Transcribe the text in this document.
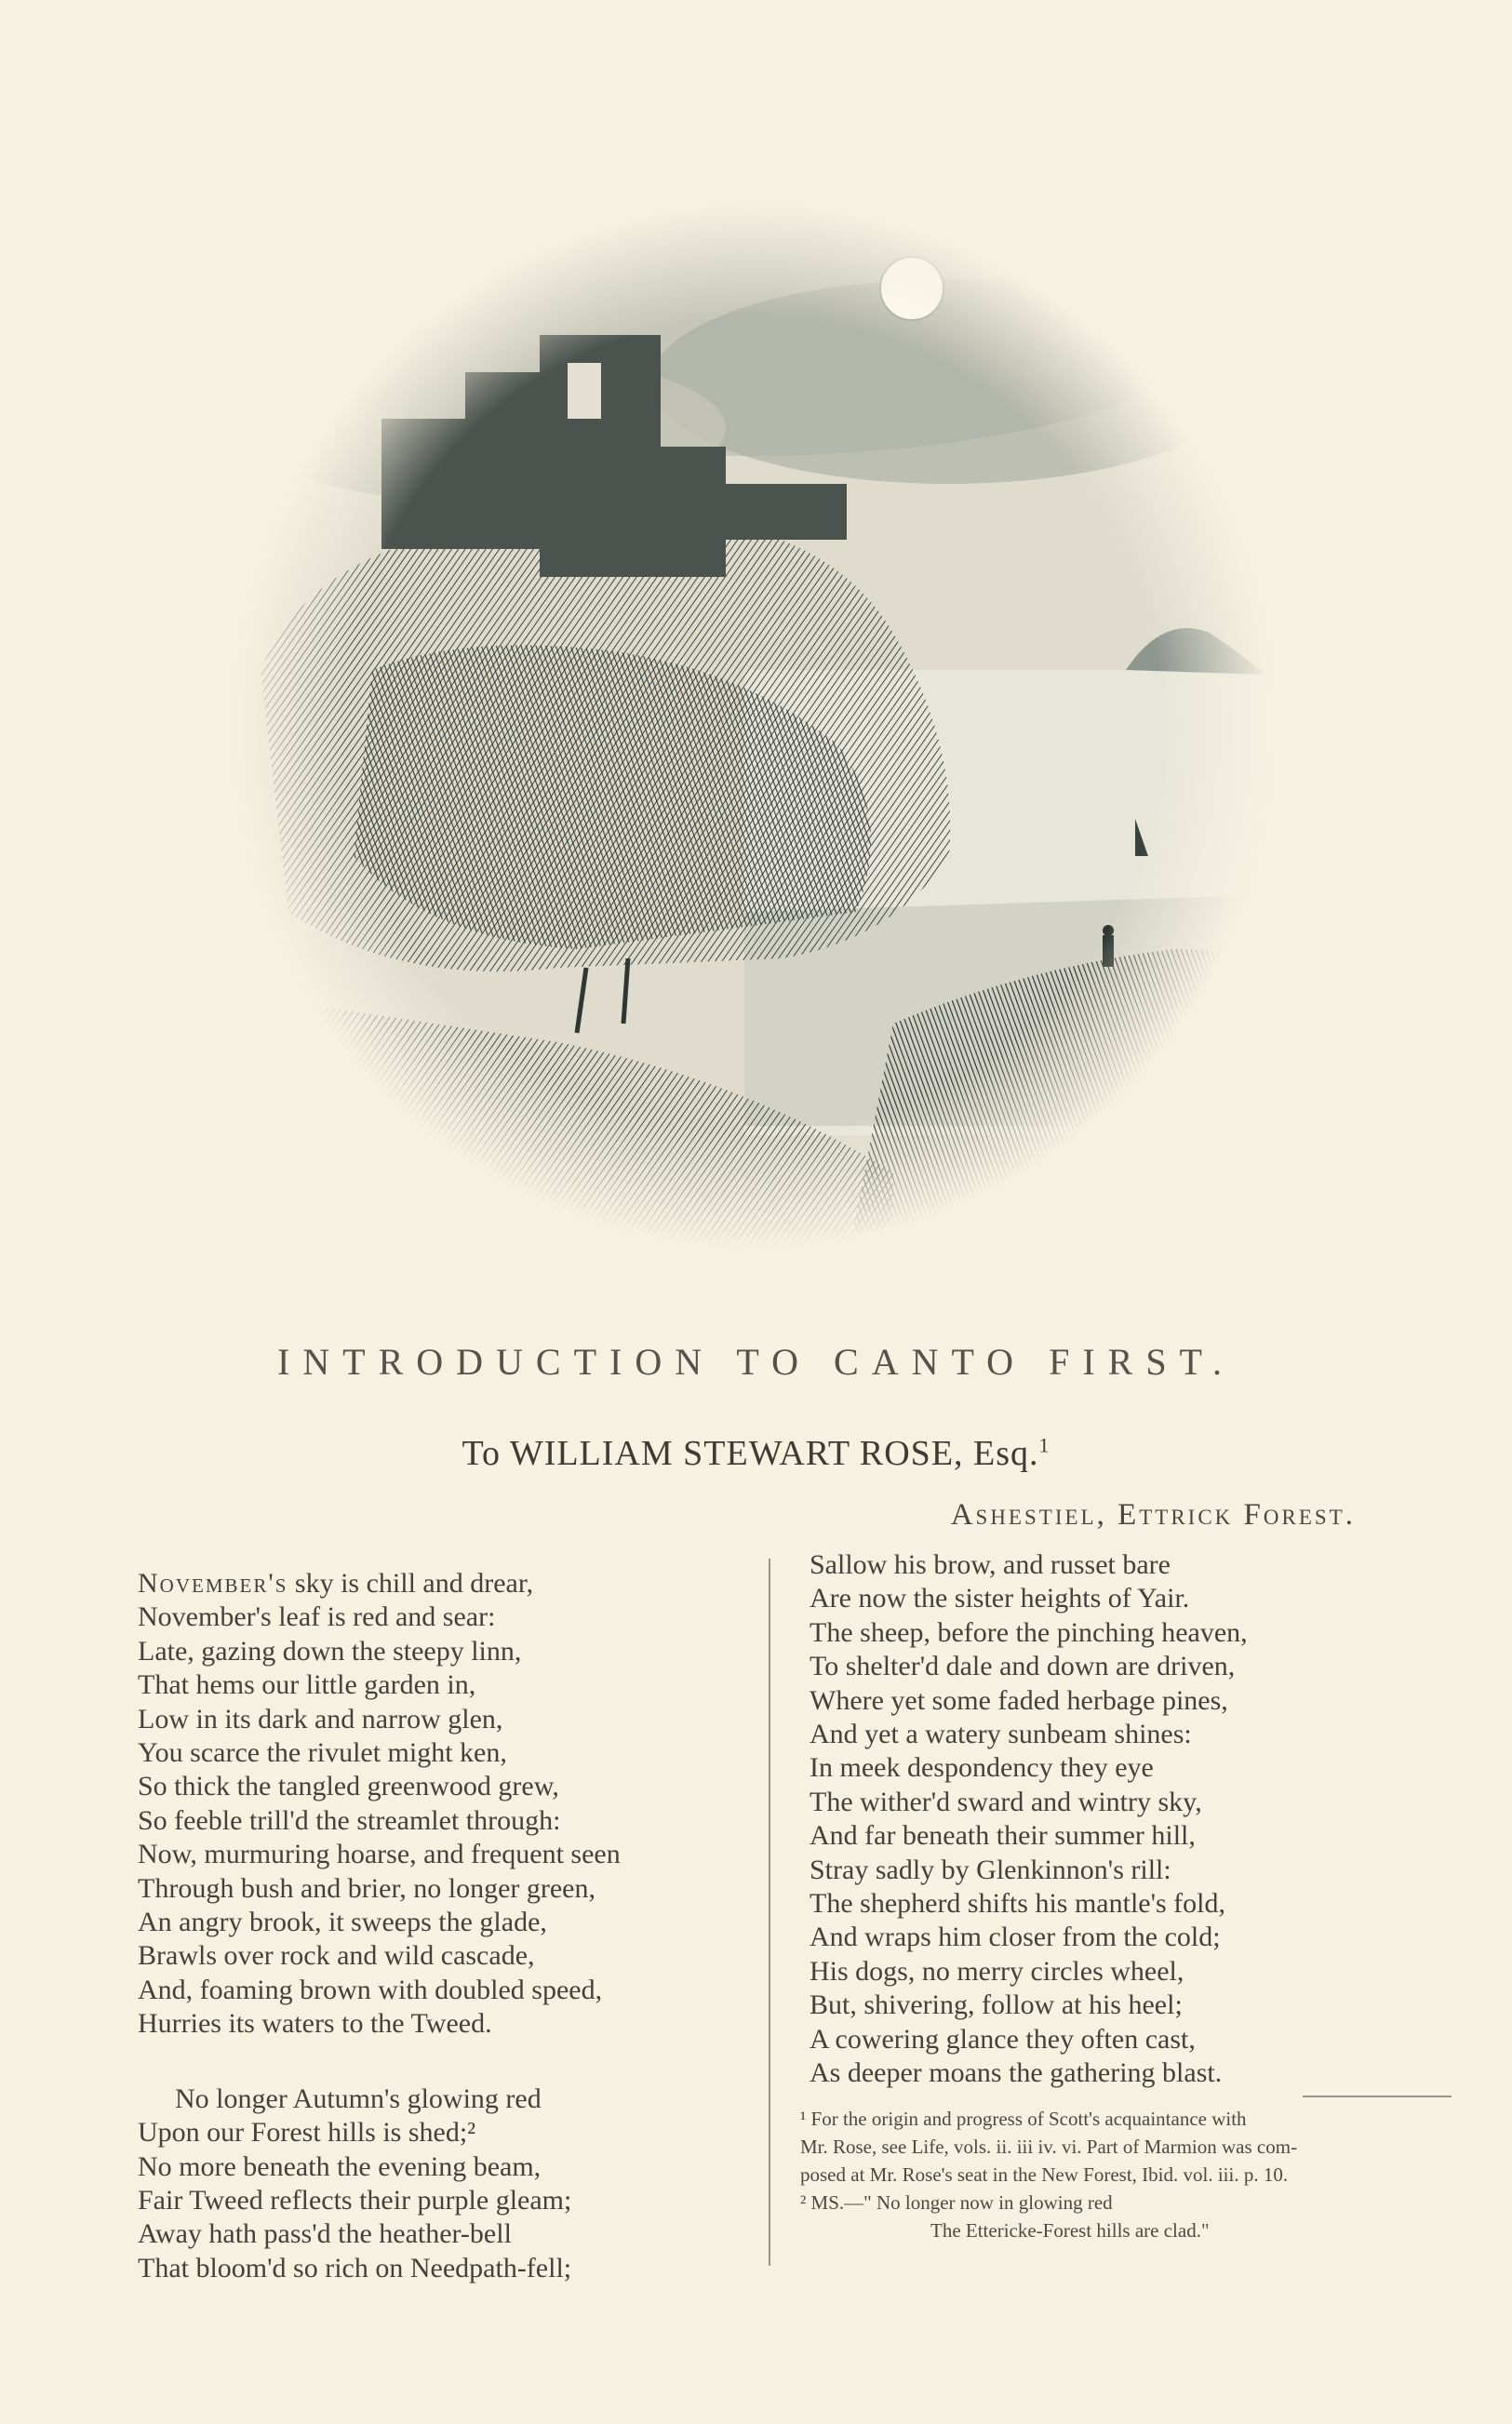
INTRODUCTION TO CANTO FIRST.
To WILLIAM STEWART ROSE, Esq.$^1$
Ashestiel, Ettrick Forest.
November's sky is chill and drear,
November's leaf is red and sear:
Late, gazing down the steepy linn,
That hems our little garden in,
Low in its dark and narrow glen,
You scarce the rivulet might ken,
So thick the tangled greenwood grew,
So feeble trill'd the streamlet through:
Now, murmuring hoarse, and frequent seen
Through bush and brier, no longer green,
An angry brook, it sweeps the glade,
Brawls over rock and wild cascade,
And, foaming brown with doubled speed,
Hurries its waters to the Tweed.
No longer Autumn's glowing red
Upon our Forest hills is shed;²
No more beneath the evening beam,
Fair Tweed reflects their purple gleam;
Away hath pass'd the heather-bell
That bloom'd so rich on Needpath-fell;
Sallow his brow, and russet bare
Are now the sister heights of Yair.
The sheep, before the pinching heaven,
To shelter'd dale and down are driven,
Where yet some faded herbage pines,
And yet a watery sunbeam shines:
In meek despondency they eye
The wither'd sward and wintry sky,
And far beneath their summer hill,
Stray sadly by Glenkinnon's rill:
The shepherd shifts his mantle's fold,
And wraps him closer from the cold;
His dogs, no merry circles wheel,
But, shivering, follow at his heel;
A cowering glance they often cast,
As deeper moans the gathering blast.
¹ For the origin and progress of Scott's acquaintance with
Mr. Rose, see Life, vols. ii. iii iv. vi. Part of Marmion was com-
posed at Mr. Rose's seat in the New Forest, Ibid. vol. iii. p. 10.
² MS.—" No longer now in glowing red
The Ettericke-Forest hills are clad."
